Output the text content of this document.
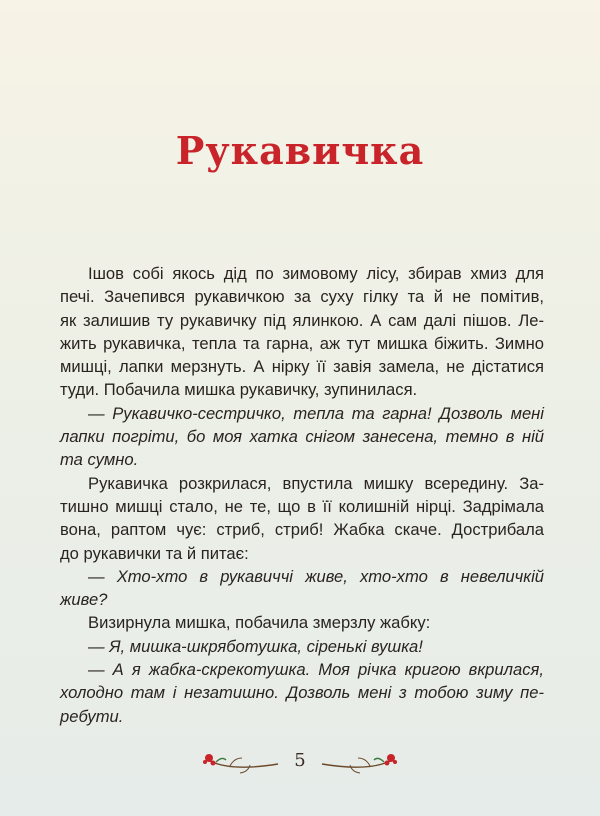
Рукавичка
Ішов собі якось дід по зимовому лісу, збирав хмиз для
печі. Зачепився рукавичкою за суху гілку та й не помітив,
як залишив ту рукавичку під ялинкою. А сам далі пішов. Ле-
жить рукавичка, тепла та гарна, аж тут мишка біжить. Зимно
мишці, лапки мерзнуть. А нірку її завія замела, не дістатися
туди. Побачила мишка рукавичку, зупинилася.
— Рукавичко-сестричко, тепла та гарна! Дозволь мені
лапки погріти, бо моя хатка снігом занесена, темно в ній
та сумно.
Рукавичка розкрилася, впустила мишку всередину. За-
тишно мишці стало, не те, що в її колишній нірці. Задрімала
вона, раптом чує: стриб, стриб! Жабка скаче. Дострибала
до рукавички та й питає:
— Хто-хто в рукавиччі живе, хто-хто в невеличкій
живе?
Визирнула мишка, побачила змерзлу жабку:
— Я, мишка-шкряботушка, сіренькі вушка!
— А я жабка-скрекотушка. Моя річка кригою вкрилася,
холодно там і незатишно. Дозволь мені з тобою зиму пе-
ребути.
5
